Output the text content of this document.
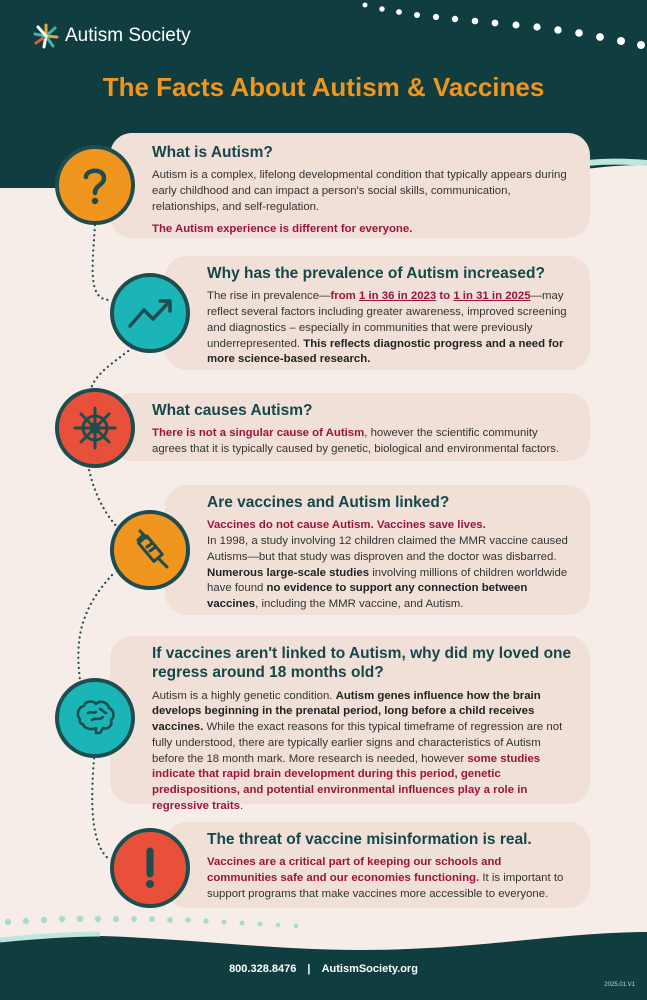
Autism Society
The Facts About Autism & Vaccines
What is Autism?

Autism is a complex, lifelong developmental condition that typically appears during early childhood and can impact a person's social skills, communication, relationships, and self-regulation.

The Autism experience is different for everyone.

Why has the prevalence of Autism increased?

The rise in prevalence—from 1 in 36 in 2023 to 1 in 31 in 2025—may reflect several factors including greater awareness, improved screening and diagnostics – especially in communities that were previously underrepresented. This reflects diagnostic progress and a need for more science-based research.

What causes Autism?

There is not a singular cause of Autism, however the scientific community agrees that it is typically caused by genetic, biological and environmental factors.

Are vaccines and Autism linked?

Vaccines do not cause Autism. Vaccines save lives.

In 1998, a study involving 12 children claimed the MMR vaccine caused Autisms—but that study was disproven and the doctor was disbarred. Numerous large-scale studies involving millions of children worldwide have found no evidence to support any connection between vaccines, including the MMR vaccine, and Autism.

If vaccines aren't linked to Autism, why did my loved one regress around 18 months old?

Autism is a highly genetic condition. Autism genes influence how the brain develops beginning in the prenatal period, long before a child receives vaccines. While the exact reasons for this typical timeframe of regression are not fully understood, there are typically earlier signs and characteristics of Autism before the 18 month mark. More research is needed, however some studies indicate that rapid brain development during this period, genetic predispositions, and potential environmental influences play a role in regressive traits.

The threat of vaccine misinformation is real.

Vaccines are a critical part of keeping our schools and communities safe and our economies functioning. It is important to support programs that make vaccines more accessible to everyone.

800.328.8476 | AutismSociety.org
2025.01.V1
